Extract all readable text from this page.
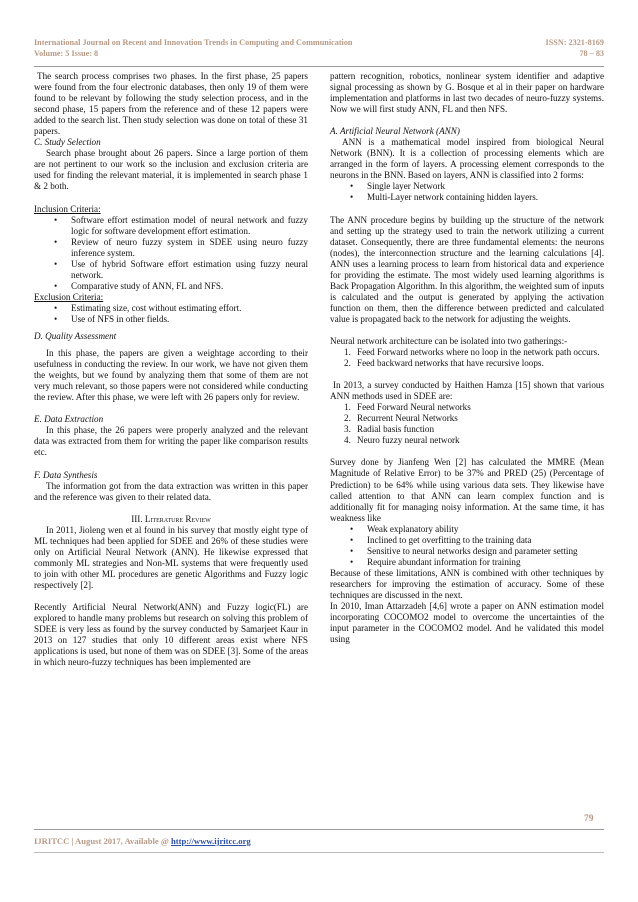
International Journal on Recent and Innovation Trends in Computing and Communication	ISSN: 2321-8169
Volume: 5 Issue: 8	78 – 83

The search process comprises two phases. In the first phase, 25 papers were found from the four electronic databases, then only 19 of them were found to be relevant by following the study selection process, and in the second phase, 15 papers from the reference and of these 12 papers were added to the search list. Then study selection was done on total of these 31 papers.

C. Study Selection

Search phase brought about 26 papers. Since a large portion of them are not pertinent to our work so the inclusion and exclusion criteria are used for finding the relevant material, it is implemented in search phase 1 & 2 both.

Inclusion Criteria:

• Software effort estimation model of neural network and fuzzy logic for software development effort estimation.
• Review of neuro fuzzy system in SDEE using neuro fuzzy inference system.
• Use of hybrid Software effort estimation using fuzzy neural network.
• Comparative study of ANN, FL and NFS.

Exclusion Criteria:

• Estimating size, cost without estimating effort.
• Use of NFS in other fields.

D. Quality Assessment

In this phase, the papers are given a weightage according to their usefulness in conducting the review. In our work, we have not given them the weights, but we found by analyzing them that some of them are not very much relevant, so those papers were not considered while conducting the review. After this phase, we were left with 26 papers only for review.

E. Data Extraction

In this phase, the 26 papers were properly analyzed and the relevant data was extracted from them for writing the paper like comparison results etc.

F. Data Synthesis

The information got from the data extraction was written in this paper and the reference was given to their related data.

III. Literature Review

In 2011, Jioleng wen et al found in his survey that mostly eight type of ML techniques had been applied for SDEE and 26% of these studies were only on Artificial Neural Network (ANN). He likewise expressed that commonly ML strategies and Non-ML systems that were frequently used to join with other ML procedures are genetic Algorithms and Fuzzy logic respectively [2].

Recently Artificial Neural Network(ANN) and Fuzzy logic(FL) are explored to handle many problems but research on solving this problem of SDEE is very less as found by the survey conducted by Samarjeet Kaur in 2013 on 127 studies that only 10 different areas exist where NFS applications is used, but none of them was on SDEE [3]. Some of the areas in which neuro-fuzzy techniques has been implemented are

pattern recognition, robotics, nonlinear system identifier and adaptive signal processing as shown by G. Bosque et al in their paper on hardware implementation and platforms in last two decades of neuro-fuzzy systems. Now we will first study ANN, FL and then NFS.

A. Artificial Neural Network (ANN)

ANN is a mathematical model inspired from biological Neural Network (BNN). It is a collection of processing elements which are arranged in the form of layers. A processing element corresponds to the neurons in the BNN. Based on layers, ANN is classified into 2 forms:

• Single layer Network
• Multi-Layer network containing hidden layers.

The ANN procedure begins by building up the structure of the network and setting up the strategy used to train the network utilizing a current dataset. Consequently, there are three fundamental elements: the neurons (nodes), the interconnection structure and the learning calculations [4]. ANN uses a learning process to learn from historical data and experience for providing the estimate. The most widely used learning algorithms is Back Propagation Algorithm. In this algorithm, the weighted sum of inputs is calculated and the output is generated by applying the activation function on them, then the difference between predicted and calculated value is propagated back to the network for adjusting the weights.

Neural network architecture can be isolated into two gatherings:-

1. Feed Forward networks where no loop in the network path occurs.
2. Feed backward networks that have recursive loops.

In 2013, a survey conducted by Haithen Hamza [15] shown that various ANN methods used in SDEE are:

1. Feed Forward Neural networks
2. Recurrent Neural Networks
3. Radial basis function
4. Neuro fuzzy neural network

Survey done by Jianfeng Wen [2] has calculated the MMRE (Mean Magnitude of Relative Error) to be 37% and PRED (25) (Percentage of Prediction) to be 64% while using various data sets. They likewise have called attention to that ANN can learn complex function and is additionally fit for managing noisy information. At the same time, it has weakness like

• Weak explanatory ability
• Inclined to get overfitting to the training data
• Sensitive to neural networks design and parameter setting
• Require abundant information for training

Because of these limitations, ANN is combined with other techniques by researchers for improving the estimation of accuracy. Some of these techniques are discussed in the next.

In 2010, Iman Attarzadeh [4,6] wrote a paper on ANN estimation model incorporating COCOMO2 model to overcome the uncertainties of the input parameter in the COCOMO2 model. And he validated this model using

79
IJRITCC | August 2017, Available @ http://www.ijritcc.org
